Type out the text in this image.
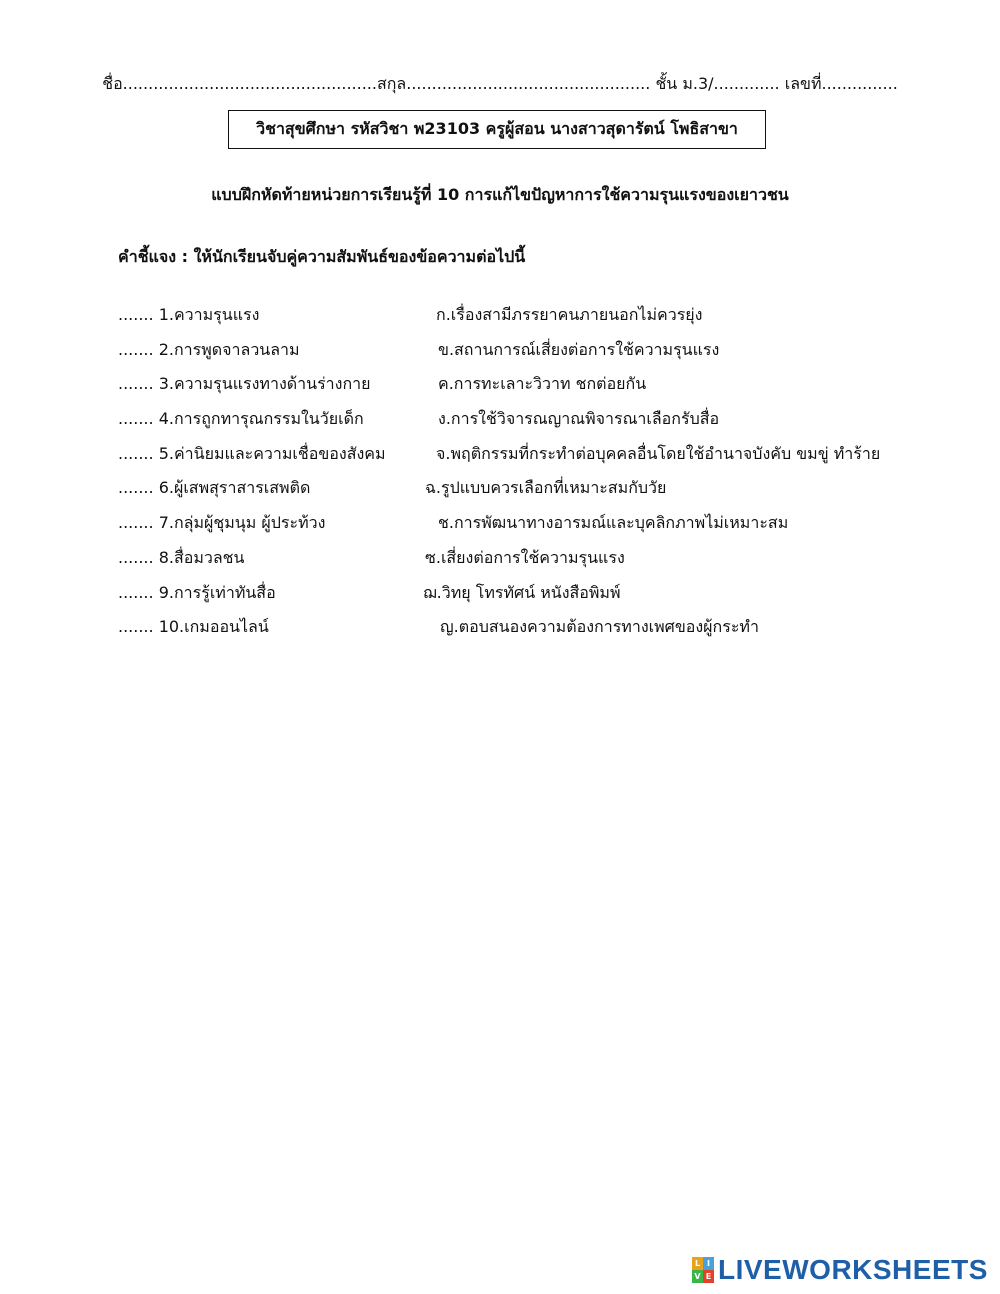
ชื่อ..................................................สกุล................................................ ชั้น ม.3/............. เลขที่...............
วิชาสุขศึกษา รหัสวิชา พ23103 ครูผู้สอน นางสาวสุดารัตน์ โพธิสาขา
แบบฝึกหัดท้ายหน่วยการเรียนรู้ที่ 10 การแก้ไขปัญหาการใช้ความรุนแรงของเยาวชน
คำชี้แจง : ให้นักเรียนจับคู่ความสัมพันธ์ของข้อความต่อไปนี้
....... 1.ความรุนแรง	ก.เรื่องสามีภรรยาคนภายนอกไม่ควรยุ่ง
....... 2.การพูดจาลวนลาม	ข.สถานการณ์เสี่ยงต่อการใช้ความรุนแรง
....... 3.ความรุนแรงทางด้านร่างกาย	ค.การทะเลาะวิวาท ชกต่อยกัน
....... 4.การถูกทารุณกรรมในวัยเด็ก	ง.การใช้วิจารณญาณพิจารณาเลือกรับสื่อ
....... 5.ค่านิยมและความเชื่อของสังคม	จ.พฤติกรรมที่กระทำต่อบุคคลอื่นโดยใช้อำนาจบังคับ ขมขู่ ทำร้าย
....... 6.ผู้เสพสุราสารเสพติด	ฉ.รูปแบบควรเลือกที่เหมาะสมกับวัย
....... 7.กลุ่มผู้ชุมนุม ผู้ประท้วง	ช.การพัฒนาทางอารมณ์และบุคลิกภาพไม่เหมาะสม
....... 8.สื่อมวลชน	ซ.เสี่ยงต่อการใช้ความรุนแรง
....... 9.การรู้เท่าทันสื่อ	ฌ.วิทยุ โทรทัศน์ หนังสือพิมพ์
....... 10.เกมออนไลน์	ญ.ตอบสนองความต้องการทางเพศของผู้กระทำ
L I
V E LIVEWORKSHEETS
